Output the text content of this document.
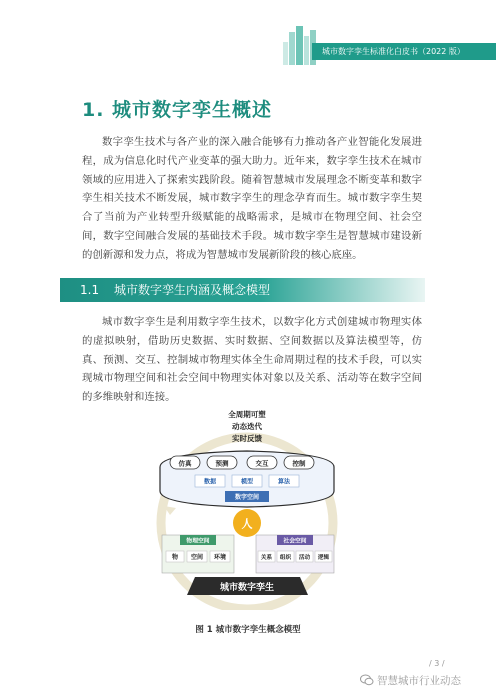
城市数字孪生标准化白皮书（2022 版）
1. 城市数字孪生概述

数字孪生技术与各产业的深入融合能够有力推动各产业智能化发展进程，成为信息化时代产业变革的强大助力。近年来，数字孪生技术在城市领域的应用进入了探索实践阶段。随着智慧城市发展理念不断变革和数字孪生相关技术不断发展，城市数字孪生的理念孕育而生。城市数字孪生契合了当前为产业转型升级赋能的战略需求，是城市在物理空间、社会空间，数字空间融合发展的基础技术手段。城市数字孪生是智慧城市建设新的创新源和发力点，将成为智慧城市发展新阶段的核心底座。

1.1 城市数字孪生内涵及概念模型

城市数字孪生是利用数字孪生技术，以数字化方式创建城市物理实体的虚拟映射，借助历史数据、实时数据、空间数据以及算法模型等，仿真、预测、交互、控制城市物理实体全生命周期过程的技术手段，可以实现城市物理空间和社会空间中物理实体对象以及关系、活动等在数字空间的多维映射和连接。

全周期可塑
动态迭代
实时反馈
仿真	预测	交互	控制
数据	模型	算法
数字空间
人
物理空间
物 空间 环境
社会空间
关系 组织 活动 逻辑
城市数字孪生
图 1 城市数字孪生概念模型
/ 3 /
智慧城市行业动态
